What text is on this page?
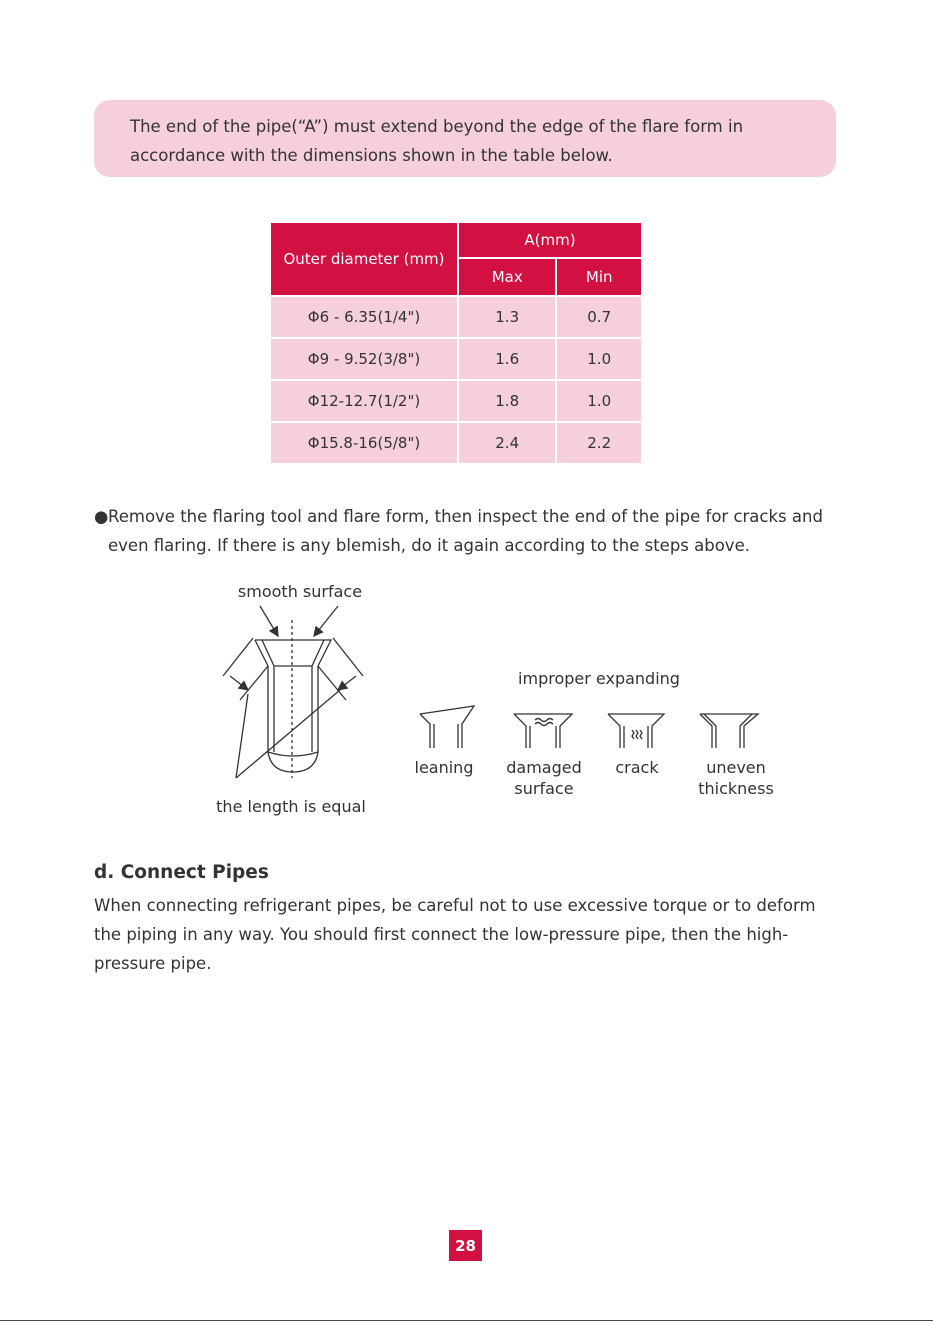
The end of the pipe(“A”) must extend beyond the edge of the flare form in accordance with the dimensions shown in the table below.
Outer diameter (mm)	A(mm)	
	Max	Min
Φ6 - 6.35(1/4")	1.3	0.7
Φ9 - 9.52(3/8")	1.6	1.0
Φ12-12.7(1/2")	1.8	1.0
Φ15.8-16(5/8")	2.4	2.2
● Remove the flaring tool and flare form, then inspect the end of the pipe for cracks and even flaring. If there is any blemish, do it again according to the steps above.
smooth surface
the length is equal
improper expanding
leaning	damaged surface
crack	uneven thickness
d. Connect Pipes

When connecting refrigerant pipes, be careful not to use excessive torque or to deform the piping in any way. You should first connect the low-pressure pipe, then the high-pressure pipe.

28
